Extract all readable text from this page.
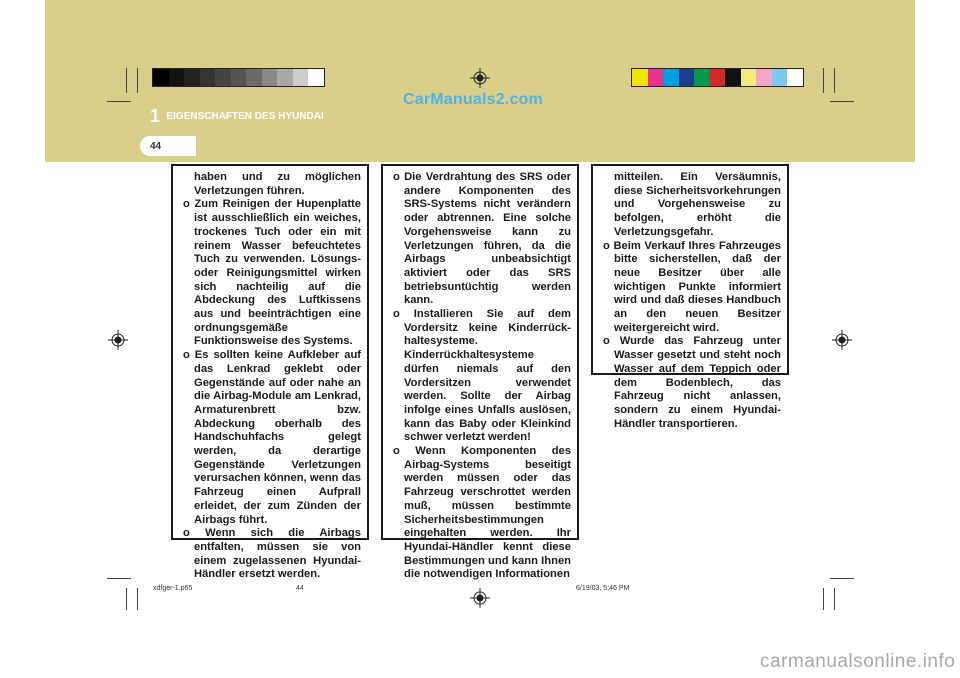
1 EIGENSCHAFTEN DES HYUNDAI
44
CarManuals2.com

haben und zu möglichen Verletzungen führen.

o Zum Reinigen der Hupenplatte ist ausschließlich ein weiches, trockenes Tuch oder ein mit reinem Wasser befeuchtetes Tuch zu verwenden. Lösungs- oder Reinigungsmittel wirken sich nachteilig auf die Abdeckung des Luftkissens aus und beeinträchtigen eine ordnungsgemäße Funktionsweise des Systems.

o Es sollten keine Aufkleber auf das Lenkrad geklebt oder Gegenstände auf oder nahe an die Airbag-Module am Lenkrad, Armaturenbrett bzw. Abdeckung oberhalb des Handschuhfachs gelegt werden, da derartige Gegenstände Verletzungen verursachen können, wenn das Fahrzeug einen Aufprall erleidet, der zum Zünden der Airbags führt.

o Wenn sich die Airbags entfalten, müssen sie von einem zugelassenen Hyundai-Händler ersetzt werden.

o Die Verdrahtung des SRS oder andere Komponenten des SRS-Systems nicht verändern oder abtrennen. Eine solche Vorgehensweise kann zu Verletzungen führen, da die Airbags unbeabsichtigt aktiviert oder das SRS betriebsuntüchtig werden kann.

o Installieren Sie auf dem Vordersitz keine Kinderrück-haltesysteme.

Kinderrückhaltesysteme dürfen niemals auf den Vordersitzen verwendet werden. Sollte der Airbag infolge eines Unfalls auslösen, kann das Baby oder Kleinkind schwer verletzt werden!

o Wenn Komponenten des Airbag-Systems beseitigt werden müssen oder das Fahrzeug verschrottet werden muß, müssen bestimmte Sicherheitsbestimmungen eingehalten werden. Ihr Hyundai-Händler kennt diese Bestimmungen und kann Ihnen die notwendigen Informationen

mitteilen. Ein Versäumnis, diese Sicherheitsvorkehrungen und Vorgehensweise zu befolgen, erhöht die Verletzungsgefahr.

o Beim Verkauf Ihres Fahrzeuges bitte sicherstellen, daß der neue Besitzer über alle wichtigen Punkte informiert wird und daß dieses Handbuch an den neuen Besitzer weitergereicht wird.

o Wurde das Fahrzeug unter Wasser gesetzt und steht noch Wasser auf dem Teppich oder dem Bodenblech, das Fahrzeug nicht anlassen, sondern zu einem Hyundai-Händler transportieren.

xdfger-1.p65	44	6/19/03, 5:46 PM
carmanualsonline.info
